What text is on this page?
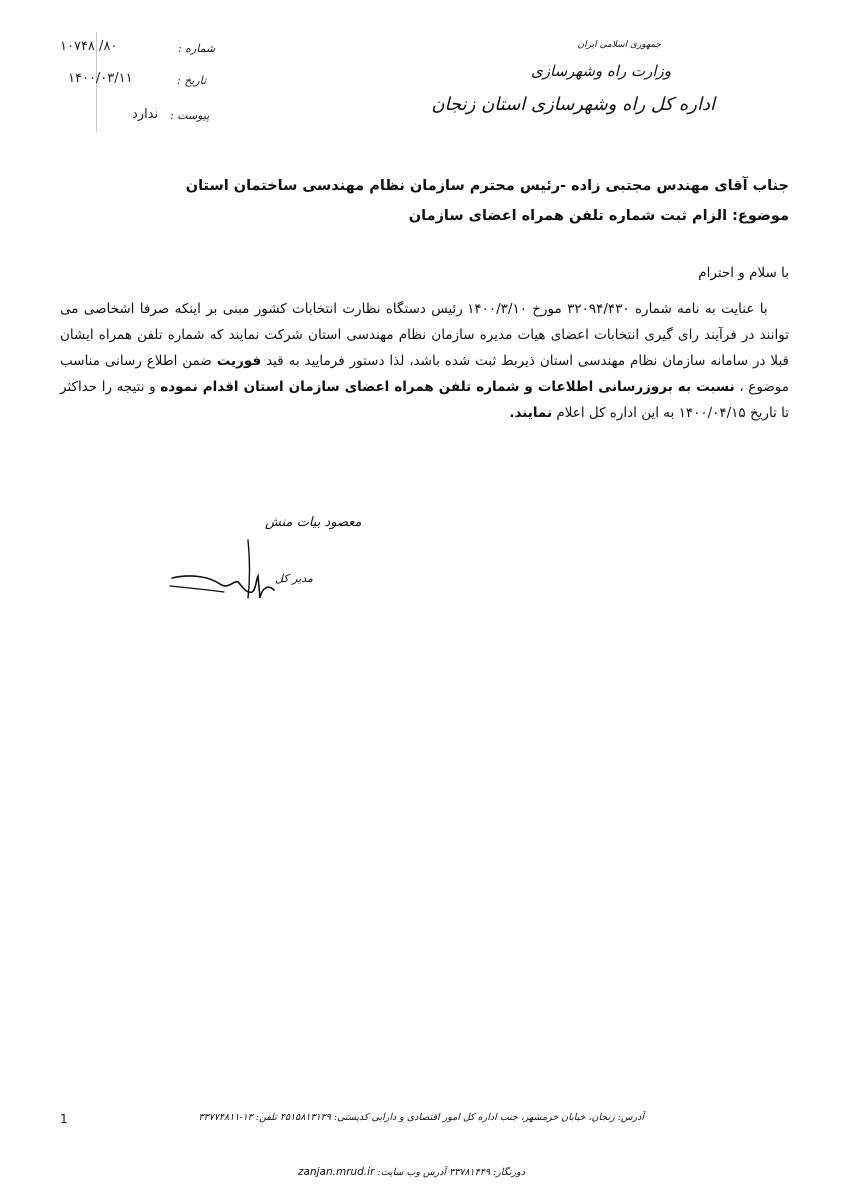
جمهوری اسلامی ایران
وزارت راه وشهرسازی
اداره کل راه وشهرسازی استان زنجان
شماره :
۸۰/ ۱۰۷۴۸
تاریخ :
۱۴۰۰/۰۳/۱۱
پیوست :
ندارد
جناب آقای مهندس مجتبی زاده -رئیس محترم سازمان نظام مهندسی ساختمان استان
موضوع: الزام ثبت شماره تلفن همراه اعضای سازمان
با سلام و احترام
با عنایت به نامه شماره ۳۲۰۹۴/۴۳۰ مورخ ۱۴۰۰/۳/۱۰ رئیس دستگاه نظارت انتخابات کشور مبنی بر اینکه صرفا اشخاصی می توانند در فرآیند رای گیری انتخابات اعضای هیات مدیره سازمان نظام مهندسی استان شرکت نمایند که شماره تلفن همراه ایشان قبلا در سامانه سازمان نظام مهندسی استان ذیربط ثبت شده باشد، لذا دستور فرمایید به قید فوریت ضمن اطلاع رسانی مناسب موضوع ، نسبت به بروزرسانی اطلاعات و شماره تلفن همراه اعضای سازمان استان اقدام نموده و نتیجه را حداکثر تا تاریخ ۱۴۰۰/۰۴/۱۵ به این اداره کل اعلام نمایند.
معصود بیات منش
مدیر کل
1	آدرس: زنجان، خیابان خرمشهر، جنب اداره کل امور اقتصادی و دارایی کدپستی: ۴۵۱۵۸۱۳۱۳۹ تلفن: ۱۳-۳۳۷۷۴۸۱۱
دورنگار: ۳۳۷۸۱۴۴۹ آدرس وب سایت: zanjan.mrud.ir
